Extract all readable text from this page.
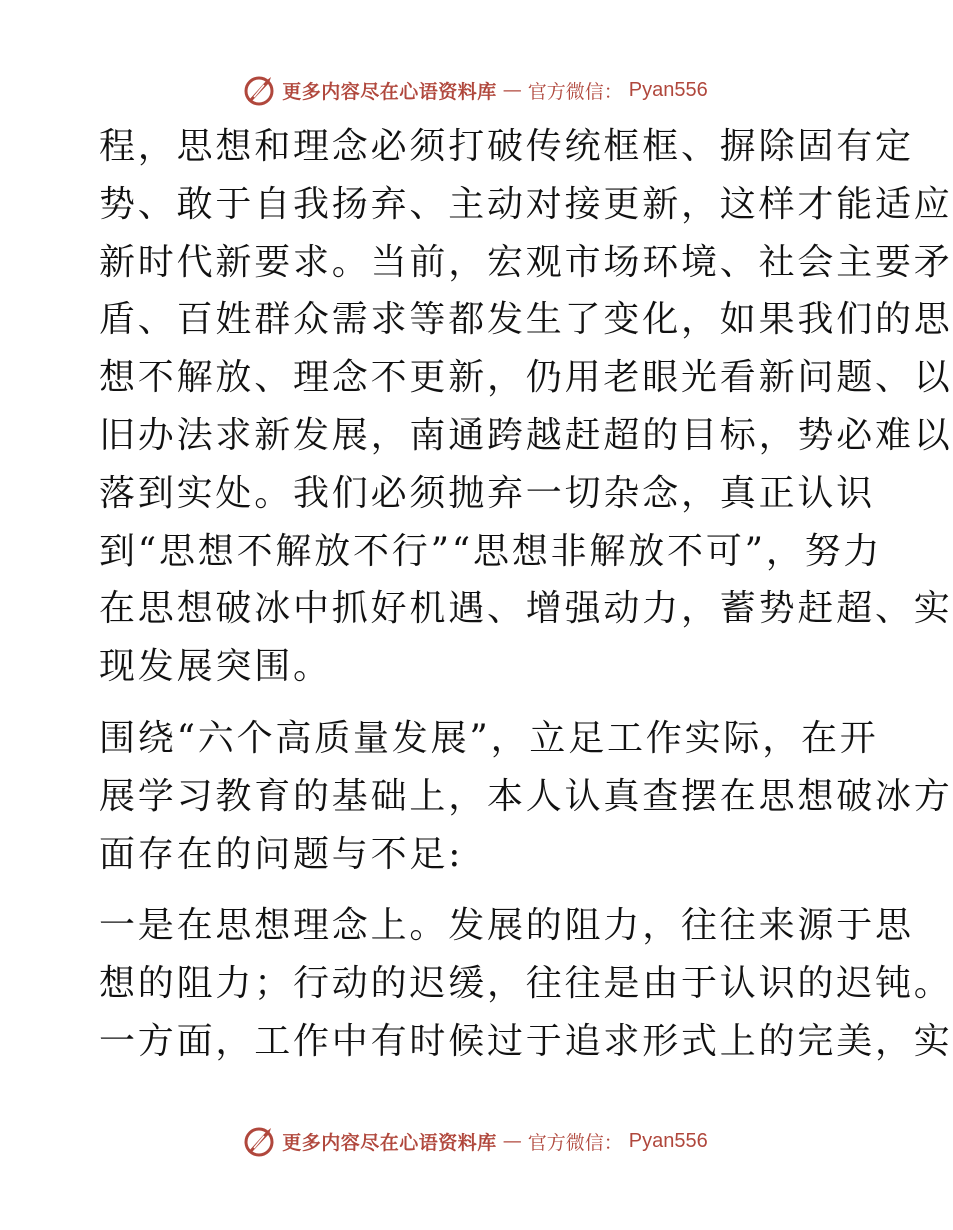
更多内容尽在心语资料库 — 官方微信： Pyan556
程，思想和理念必须打破传统框框、摒除固有定
势、敢于自我扬弃、主动对接更新，这样才能适应
新时代新要求。当前，宏观市场环境、社会主要矛
盾、百姓群众需求等都发生了变化，如果我们的思
想不解放、理念不更新，仍用老眼光看新问题、以
旧办法求新发展，南通跨越赶超的目标，势必难以
落到实处。我们必须抛弃一切杂念，真正认识
到“思想不解放不行”“思想非解放不可”，努力
在思想破冰中抓好机遇、增强动力，蓄势赶超、实
现发展突围。
围绕“六个高质量发展”，立足工作实际，在开
展学习教育的基础上，本人认真查摆在思想破冰方
面存在的问题与不足:
一是在思想理念上。发展的阻力，往往来源于思
想的阻力；行动的迟缓，往往是由于认识的迟钝。
一方面，工作中有时候过于追求形式上的完美，实
更多内容尽在心语资料库 — 官方微信： Pyan556
